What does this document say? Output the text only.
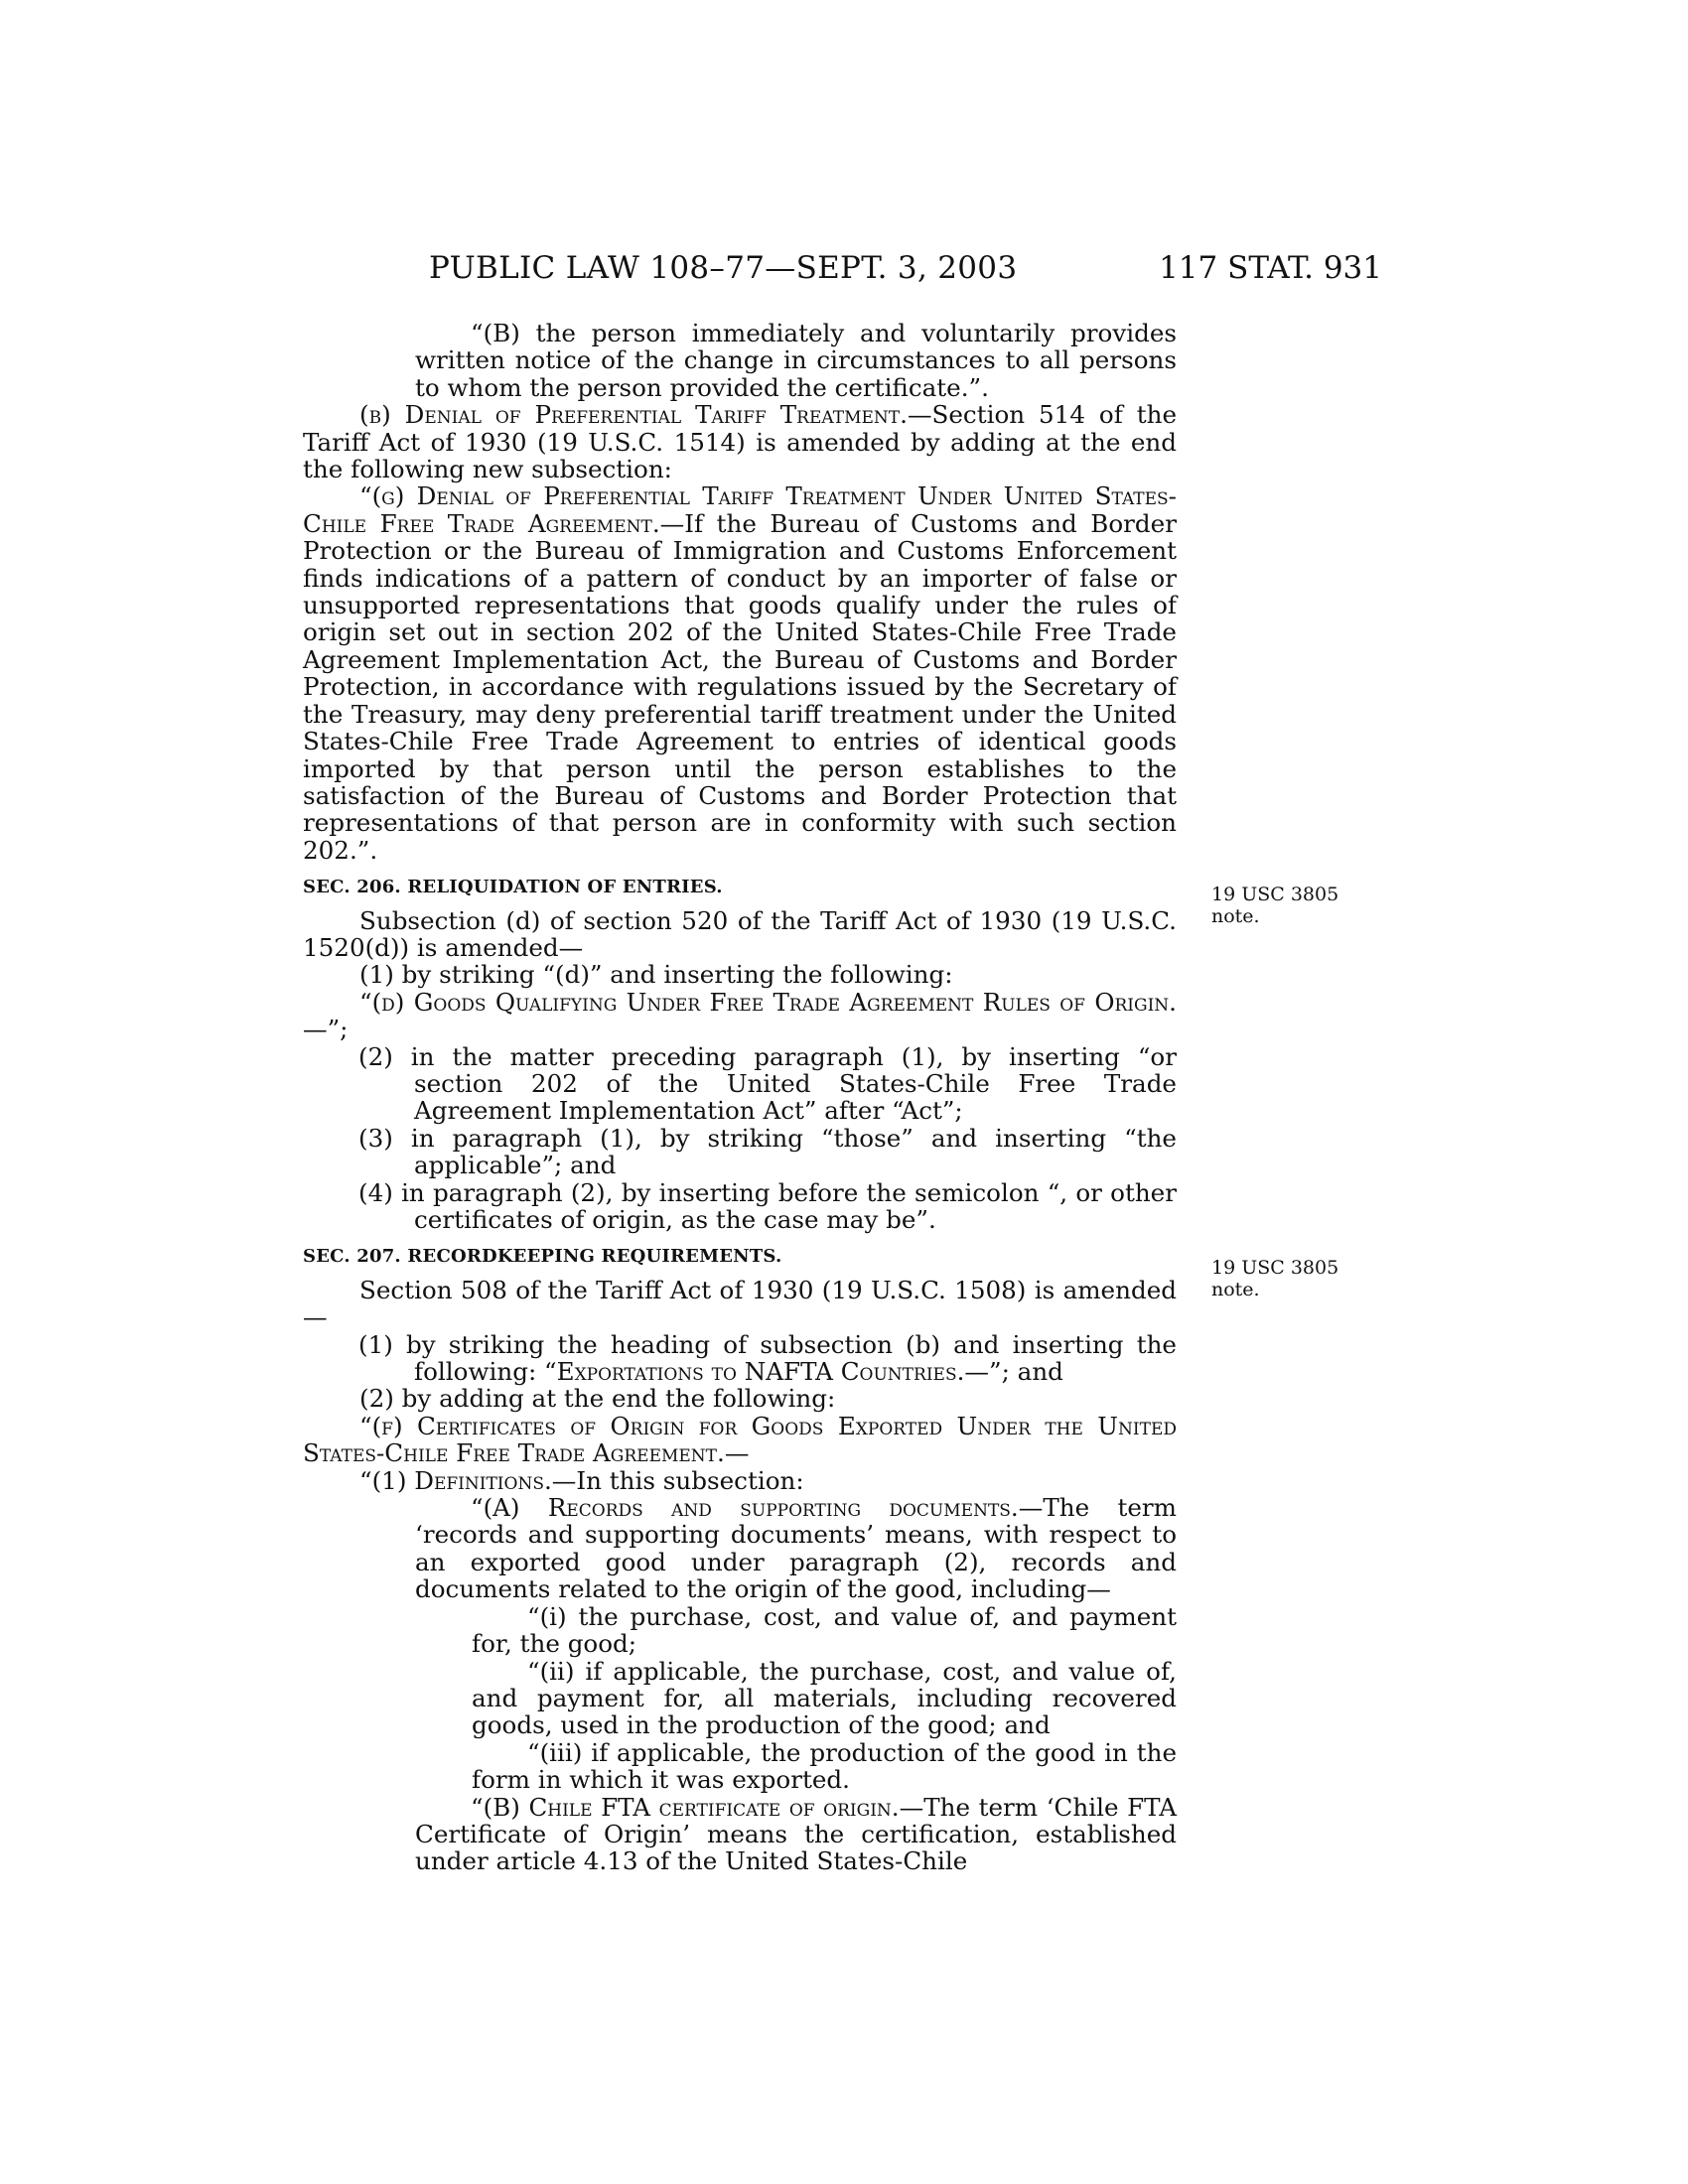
PUBLIC LAW 108–77—SEPT. 3, 2003	117 STAT. 931

“(B) the person immediately and voluntarily provides written notice of the change in circumstances to all persons to whom the person provided the certificate.”.

(b) Denial of Preferential Tariff Treatment.—Section 514 of the Tariff Act of 1930 (19 U.S.C. 1514) is amended by adding at the end the following new subsection:

“(g) Denial of Preferential Tariff Treatment Under United States-Chile Free Trade Agreement.—If the Bureau of Customs and Border Protection or the Bureau of Immigration and Customs Enforcement finds indications of a pattern of conduct by an importer of false or unsupported representations that goods qualify under the rules of origin set out in section 202 of the United States-Chile Free Trade Agreement Implementation Act, the Bureau of Customs and Border Protection, in accordance with regulations issued by the Secretary of the Treasury, may deny preferential tariff treatment under the United States-Chile Free Trade Agreement to entries of identical goods imported by that person until the person establishes to the satisfaction of the Bureau of Customs and Border Protection that representations of that person are in conformity with such section 202.”.

SEC. 206. RELIQUIDATION OF ENTRIES.

Subsection (d) of section 520 of the Tariff Act of 1930 (19 U.S.C. 1520(d)) is amended—

(1) by striking “(d)” and inserting the following:

“(d) Goods Qualifying Under Free Trade Agreement Rules of Origin.—”;

(2) in the matter preceding paragraph (1), by inserting “or section 202 of the United States-Chile Free Trade Agreement Implementation Act” after “Act”;

(3) in paragraph (1), by striking “those” and inserting “the applicable”; and

(4) in paragraph (2), by inserting before the semicolon “, or other certificates of origin, as the case may be”.

SEC. 207. RECORDKEEPING REQUIREMENTS.

Section 508 of the Tariff Act of 1930 (19 U.S.C. 1508) is amended—

(1) by striking the heading of subsection (b) and inserting the following: “Exportations to NAFTA Countries.—”; and

(2) by adding at the end the following:

“(f) Certificates of Origin for Goods Exported Under the United States-Chile Free Trade Agreement.—

“(1) Definitions.—In this subsection:

“(A) Records and supporting documents.—The term ‘records and supporting documents’ means, with respect to an exported good under paragraph (2), records and documents related to the origin of the good, including—

“(i) the purchase, cost, and value of, and payment for, the good;

“(ii) if applicable, the purchase, cost, and value of, and payment for, all materials, including recovered goods, used in the production of the good; and

“(iii) if applicable, the production of the good in the form in which it was exported.

“(B) Chile FTA certificate of origin.—The term ‘Chile FTA Certificate of Origin’ means the certification, established under article 4.13 of the United States-Chile

19 USC 3805 note.
19 USC 3805 note.
